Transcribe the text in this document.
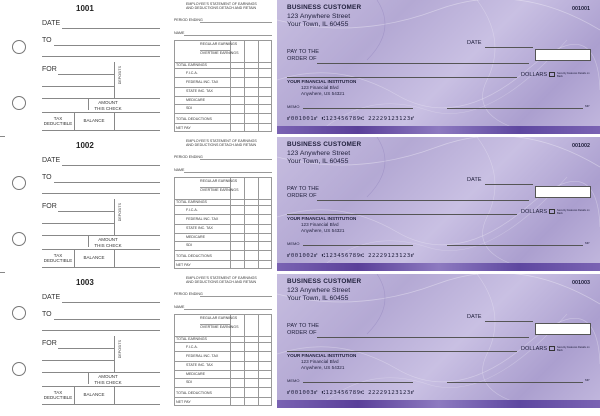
1001
DATE
TO
FOR	DEPOSITS
AMOUNT
THIS CHECK
TAX
DEDUCTIBLE
BALANCE
EMPLOYEE'S STATEMENT OF EARNINGS
AND DEDUCTIONS DETACH AND RETAIN
PERIOD ENDING
NAME
REGULAR EARNINGS
OVERTIME EARNINGS
TOTAL EARNINGS
F.I.C.A.
FEDERAL INC. TAX
STATE INC. TAX
MEDICARE
SDI
TOTAL DEDUCTIONS
NET PAY
BUSINESS CUSTOMER
123 Anywhere Street
Your Town, IL 60455
001001
DATE
PAY TO THE
ORDER OF
DOLLARS	Security Features Details on Back
YOUR FINANCIAL INSTITUTION
123 Financial Blvd
Anywhere, US 54321
MEMO	MP
⑈001001⑈ ⑆123456789⑆ 22229123123⑈
1002
DATE
TO
FOR	DEPOSITS
AMOUNT
THIS CHECK
TAX
DEDUCTIBLE
BALANCE
EMPLOYEE'S STATEMENT OF EARNINGS
AND DEDUCTIONS DETACH AND RETAIN
PERIOD ENDING
NAME
REGULAR EARNINGS
OVERTIME EARNINGS
TOTAL EARNINGS
F.I.C.A.
FEDERAL INC. TAX
STATE INC. TAX
MEDICARE
SDI
TOTAL DEDUCTIONS
NET PAY
BUSINESS CUSTOMER
123 Anywhere Street
Your Town, IL 60455
001002
DATE
PAY TO THE
ORDER OF
DOLLARS	Security Features Details on Back
YOUR FINANCIAL INSTITUTION
123 Financial Blvd
Anywhere, US 54321
MEMO	MP
⑈001002⑈ ⑆123456789⑆ 22229123123⑈
1003
DATE
TO
FOR	DEPOSITS
AMOUNT
THIS CHECK
TAX
DEDUCTIBLE
BALANCE
EMPLOYEE'S STATEMENT OF EARNINGS
AND DEDUCTIONS DETACH AND RETAIN
PERIOD ENDING
NAME
REGULAR EARNINGS
OVERTIME EARNINGS
TOTAL EARNINGS
F.I.C.A.
FEDERAL INC. TAX
STATE INC. TAX
MEDICARE
SDI
TOTAL DEDUCTIONS
NET PAY
BUSINESS CUSTOMER
123 Anywhere Street
Your Town, IL 60455
001003
DATE
PAY TO THE
ORDER OF
DOLLARS	Security Features Details on Back
YOUR FINANCIAL INSTITUTION
123 Financial Blvd
Anywhere, US 54321
MEMO	MP
⑈001003⑈ ⑆123456789⑆ 22229123123⑈
